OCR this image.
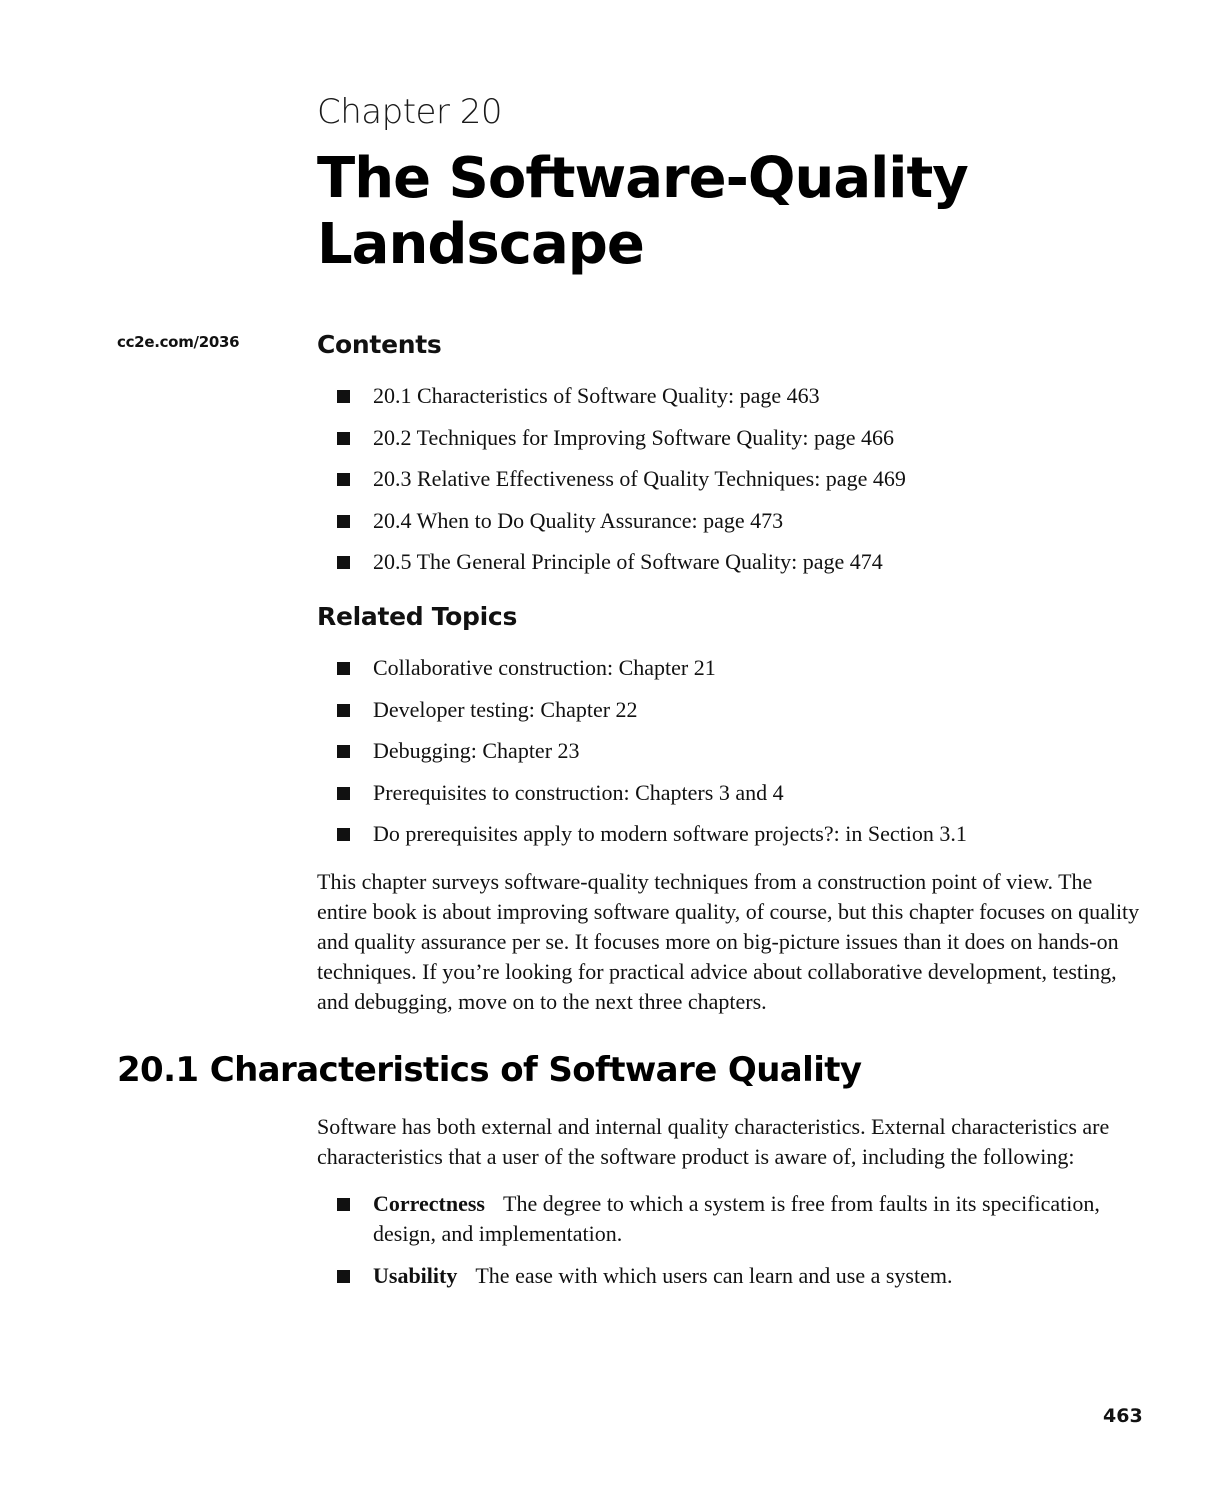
Chapter 20
The Software-Quality Landscape
cc2e.com/2036	Contents
20.1 Characteristics of Software Quality: page 463
20.2 Techniques for Improving Software Quality: page 466
20.3 Relative Effectiveness of Quality Techniques: page 469
20.4 When to Do Quality Assurance: page 473
20.5 The General Principle of Software Quality: page 474
Related Topics
Collaborative construction: Chapter 21
Developer testing: Chapter 22
Debugging: Chapter 23
Prerequisites to construction: Chapters 3 and 4
Do prerequisites apply to modern software projects?: in Section 3.1

This chapter surveys software-quality techniques from a construction point of view. The entire book is about improving software quality, of course, but this chapter focuses on quality and quality assurance per se. It focuses more on big-picture issues than it does on hands-on techniques. If you’re looking for practical advice about collaborative development, testing, and debugging, move on to the next three chapters.

20.1 Characteristics of Software Quality

Software has both external and internal quality characteristics. External characteristics are characteristics that a user of the software product is aware of, including the following:

Correctness The degree to which a system is free from faults in its specification, design, and implementation.
Usability The ease with which users can learn and use a system.
463
